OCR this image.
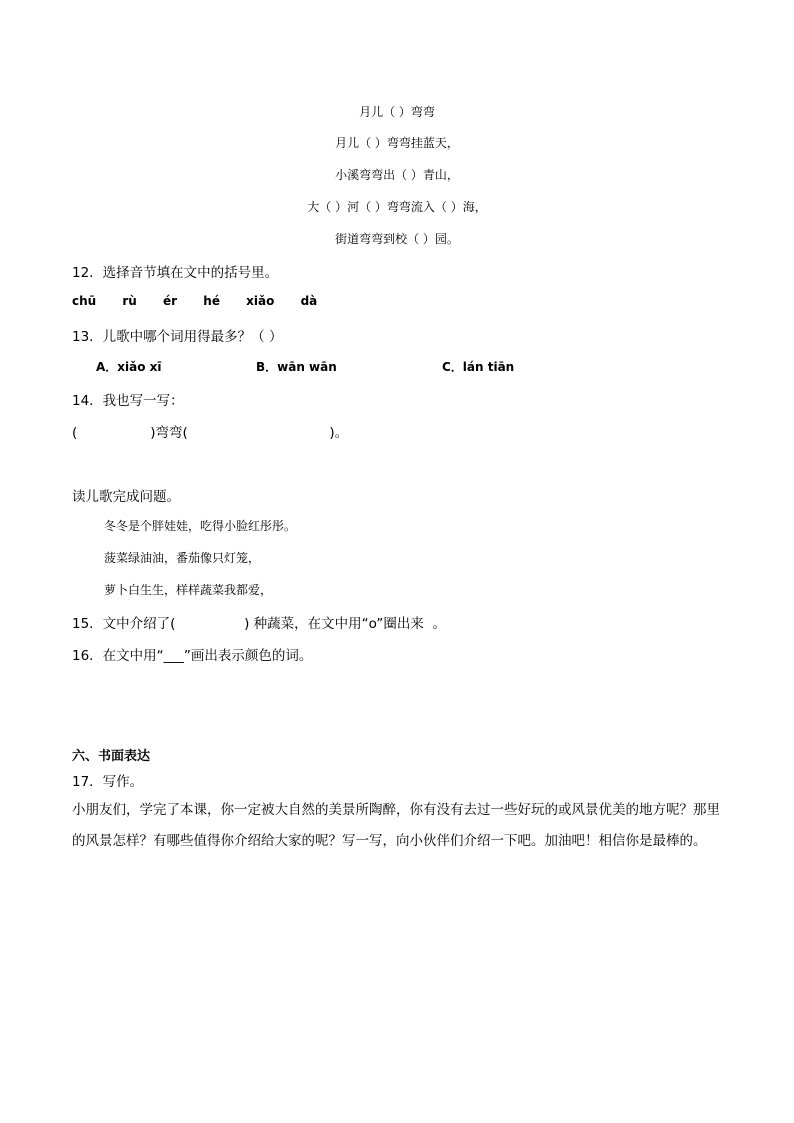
月儿（ ）弯弯
月儿（ ）弯弯挂蓝天，
小溪弯弯出（ ）青山，
大（ ）河（ ）弯弯流入（ ）海，
街道弯弯到校（ ）园。
12．选择音节填在文中的括号里。
chū rù ér hé xiǎo dà
13．儿歌中哪个词用得最多？（ ）
A．xiǎo xī	B．wān wān	C．lán tiān
14．我也写一写：
(                 )弯弯(                                 )。
读儿歌完成问题。
冬冬是个胖娃娃，吃得小脸红彤彤。
菠菜绿油油，番茄像只灯笼，
萝卜白生生，样样蔬菜我都爱，
15．文中介绍了(                ) 种蔬菜，在文中用“o”圈出来  。
16．在文中用“___”画出表示颜色的词。
六、书面表达
17．写作。
小朋友们，学完了本课，你一定被大自然的美景所陶醉，你有没有去过一些好玩的或风景优美的地方呢？那里的风景怎样？有哪些值得你介绍给大家的呢？写一写，向小伙伴们介绍一下吧。加油吧！相信你是最棒的。
